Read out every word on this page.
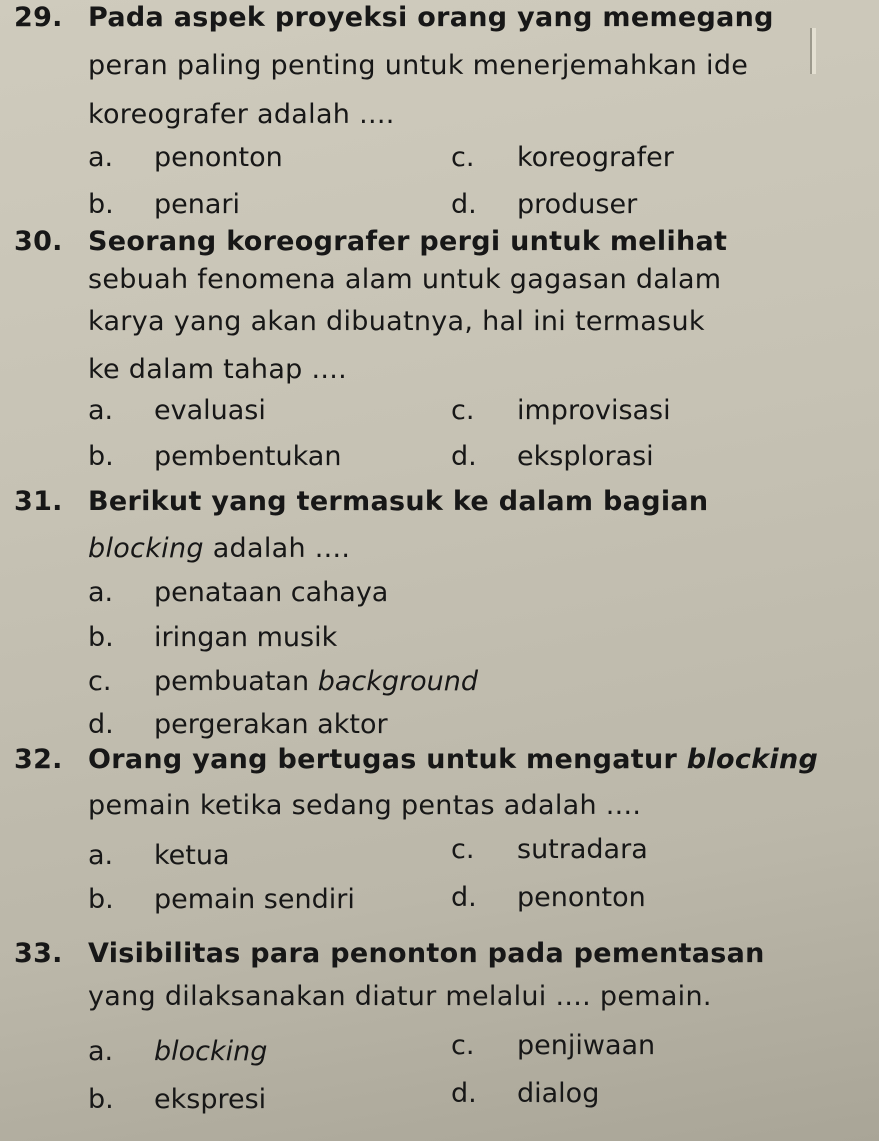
29. Pada aspek proyeksi orang yang memegang
peran paling penting untuk menerjemahkan ide
koreografer adalah ....
a. penonton	c. koreografer
b. penari	d. produser
30. Seorang koreografer pergi untuk melihat
sebuah fenomena alam untuk gagasan dalam
karya yang akan dibuatnya, hal ini termasuk
ke dalam tahap ....
a. evaluasi	c. improvisasi
b. pembentukan	d. eksplorasi
31. Berikut yang termasuk ke dalam bagian
blocking adalah ....
a. penataan cahaya
b. iringan musik
c. pembuatan background
d. pergerakan aktor
32. Orang yang bertugas untuk mengatur blocking
pemain ketika sedang pentas adalah ....
a. ketua	c. sutradara
b. pemain sendiri	d. penonton
33. Visibilitas para penonton pada pementasan
yang dilaksanakan diatur melalui .... pemain.
a. blocking	c. penjiwaan
b. ekspresi	d. dialog
